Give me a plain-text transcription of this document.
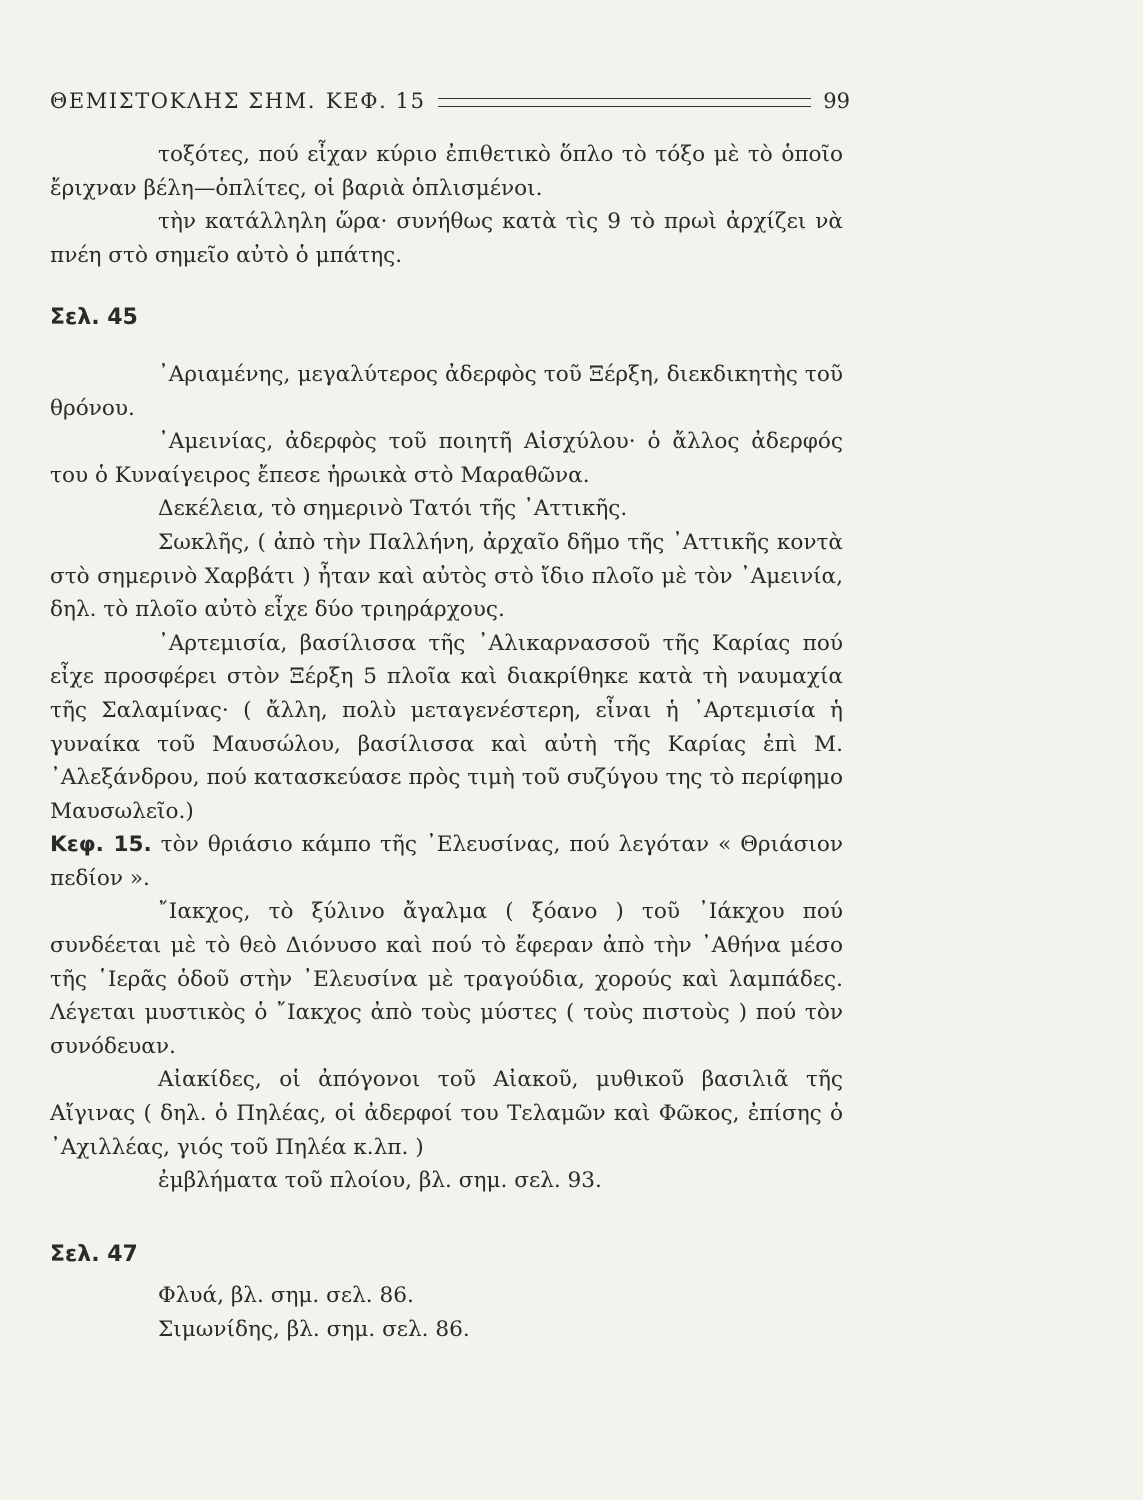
ΘΕΜΙΣΤΟΚΛΗΣ ΣΗΜ. ΚΕΦ. 15	99

τοξότες, πού εἶχαν κύριο ἐπιθετικὸ ὅπλο τὸ τόξο μὲ τὸ ὁποῖο ἔριχναν βέλη—ὁπλίτες, οἱ βαριὰ ὁπλισμένοι.

τὴν κατάλληλη ὥρα· συνήθως κατὰ τὶς 9 τὸ πρωὶ ἀρχίζει νὰ πνέη στὸ σημεῖο αὐτὸ ὁ μπάτης.

Σελ. 45

᾿Αριαμένης, μεγαλύτερος ἀδερφὸς τοῦ Ξέρξη, διεκδικητὴς τοῦ θρόνου.

᾿Αμεινίας, ἀδερφὸς τοῦ ποιητῆ Αἰσχύλου· ὁ ἄλλος ἀδερφός του ὁ Κυναίγειρος ἔπεσε ἡρωικὰ στὸ Μαραθῶνα.

Δεκέλεια, τὸ σημερινὸ Τατόι τῆς ᾿Αττικῆς.

Σωκλῆς, ( ἀπὸ τὴν Παλλήνη, ἀρχαῖο δῆμο τῆς ᾿Αττικῆς κοντὰ στὸ σημερινὸ Χαρβάτι ) ἦταν καὶ αὐτὸς στὸ ἴδιο πλοῖο μὲ τὸν ᾿Αμεινία, δηλ. τὸ πλοῖο αὐτὸ εἶχε δύο τριηράρχους.

᾿Αρτεμισία, βασίλισσα τῆς ᾿Αλικαρνασσοῦ τῆς Καρίας πού εἶχε προσφέρει στὸν Ξέρξη 5 πλοῖα καὶ διακρίθηκε κατὰ τὴ ναυμαχία τῆς Σαλαμίνας· ( ἄλλη, πολὺ μεταγενέστερη, εἶναι ἡ ᾿Αρτεμισία ἡ γυναίκα τοῦ Μαυσώλου, βασίλισσα καὶ αὐτὴ τῆς Καρίας ἐπὶ Μ. ᾿Αλεξάνδρου, πού κατασκεύασε πρὸς τιμὴ τοῦ συζύγου της τὸ περίφημο Μαυσωλεῖο.)

Κεφ. 15. τὸν θριάσιο κάμπο τῆς ᾿Ελευσίνας, πού λεγόταν « Θριάσιον πεδίον ».

῎Ιακχος, τὸ ξύλινο ἄγαλμα ( ξόανο ) τοῦ ᾿Ιάκχου πού συνδέεται μὲ τὸ θεὸ Διόνυσο καὶ πού τὸ ἔφεραν ἀπὸ τὴν ᾿Αθήνα μέσο τῆς ῾Ιερᾶς ὁδοῦ στὴν ᾿Ελευσίνα μὲ τραγούδια, χορούς καὶ λαμπάδες. Λέγεται μυστικὸς ὁ ῎Ιακχος ἀπὸ τοὺς μύστες ( τοὺς πιστοὺς ) πού τὸν συνόδευαν.

Αἰακίδες, οἱ ἀπόγονοι τοῦ Αἰακοῦ, μυθικοῦ βασιλιᾶ τῆς Αἴγινας ( δηλ. ὁ Πηλέας, οἱ ἀδερφοί του Τελαμῶν καὶ Φῶκος, ἐπίσης ὁ ᾿Αχιλλέας, γιός τοῦ Πηλέα κ.λπ. )

ἐμβλήματα τοῦ πλοίου, βλ. σημ. σελ. 93.

Σελ. 47

Φλυά, βλ. σημ. σελ. 86.

Σιμωνίδης, βλ. σημ. σελ. 86.
